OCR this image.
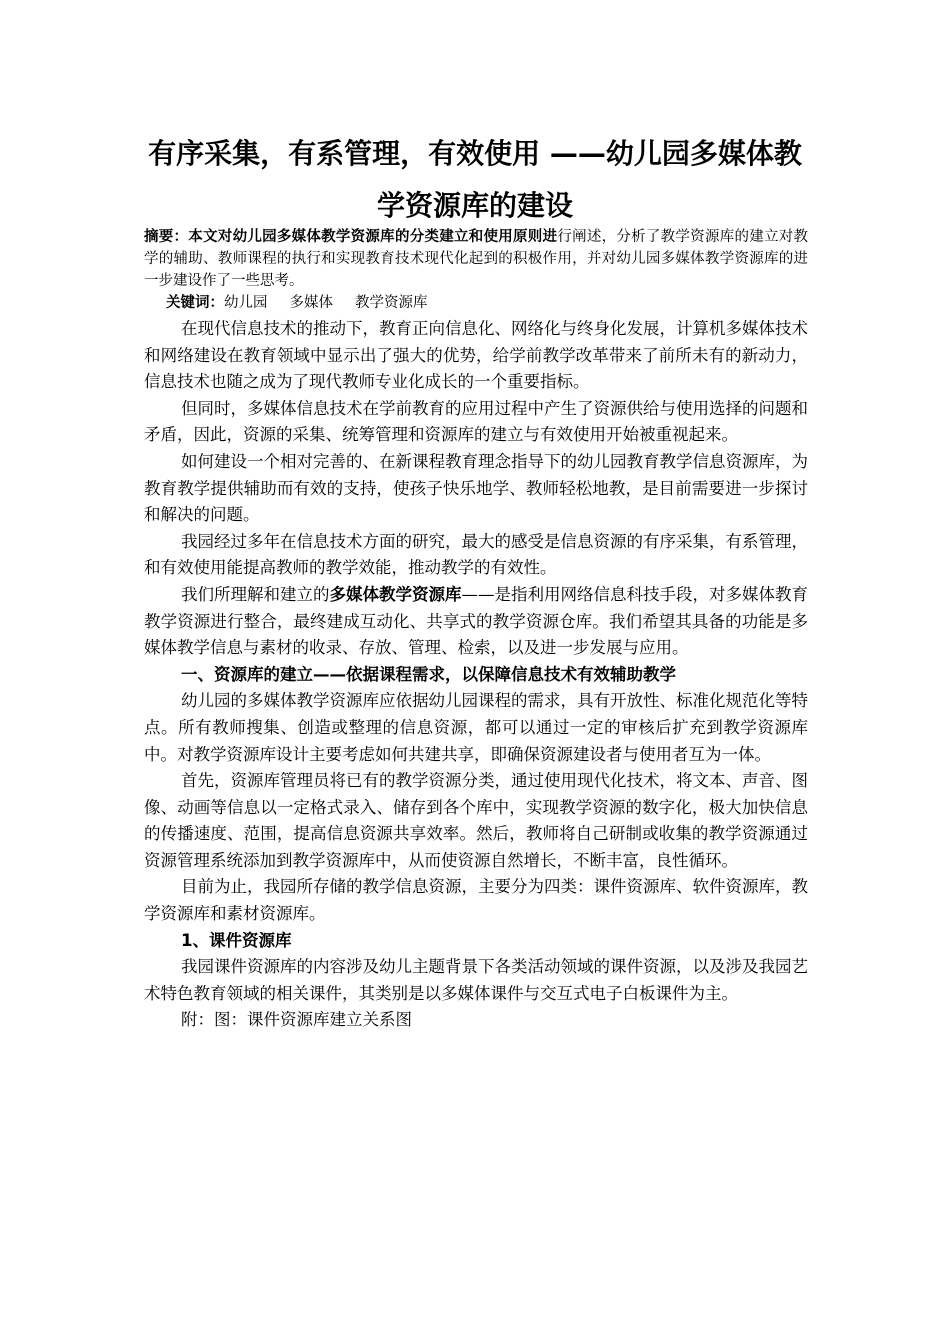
有序采集，有系管理，有效使用 ——幼儿园多媒体教
学资源库的建设

摘要：本文对幼儿园多媒体教学资源库的分类建立和使用原则进行阐述，分析了教学资源库的建立对教学的辅助、教师课程的执行和实现教育技术现代化起到的积极作用，并对幼儿园多媒体教学资源库的进一步建设作了一些思考。

关键词：幼儿园 多媒体 教学资源库

在现代信息技术的推动下，教育正向信息化、网络化与终身化发展，计算机多媒体技术和网络建设在教育领域中显示出了强大的优势，给学前教学改革带来了前所未有的新动力，信息技术也随之成为了现代教师专业化成长的一个重要指标。

但同时，多媒体信息技术在学前教育的应用过程中产生了资源供给与使用选择的问题和矛盾，因此，资源的采集、统筹管理和资源库的建立与有效使用开始被重视起来。

如何建设一个相对完善的、在新课程教育理念指导下的幼儿园教育教学信息资源库，为教育教学提供辅助而有效的支持，使孩子快乐地学、教师轻松地教，是目前需要进一步探讨和解决的问题。

我园经过多年在信息技术方面的研究，最大的感受是信息资源的有序采集，有系管理，和有效使用能提高教师的教学效能，推动教学的有效性。

我们所理解和建立的多媒体教学资源库——是指利用网络信息科技手段，对多媒体教育教学资源进行整合，最终建成互动化、共享式的教学资源仓库。我们希望其具备的功能是多媒体教学信息与素材的收录、存放、管理、检索，以及进一步发展与应用。

一、资源库的建立——依据课程需求，以保障信息技术有效辅助教学

幼儿园的多媒体教学资源库应依据幼儿园课程的需求，具有开放性、标准化规范化等特点。所有教师搜集、创造或整理的信息资源，都可以通过一定的审核后扩充到教学资源库中。对教学资源库设计主要考虑如何共建共享，即确保资源建设者与使用者互为一体。

首先，资源库管理员将已有的教学资源分类，通过使用现代化技术，将文本、声音、图像、动画等信息以一定格式录入、储存到各个库中，实现教学资源的数字化，极大加快信息的传播速度、范围，提高信息资源共享效率。然后，教师将自己研制或收集的教学资源通过资源管理系统添加到教学资源库中，从而使资源自然增长，不断丰富，良性循环。

目前为止，我园所存储的教学信息资源，主要分为四类：课件资源库、软件资源库，教学资源库和素材资源库。

1、课件资源库

我园课件资源库的内容涉及幼儿主题背景下各类活动领域的课件资源，以及涉及我园艺术特色教育领域的相关课件，其类别是以多媒体课件与交互式电子白板课件为主。

附：图：课件资源库建立关系图
